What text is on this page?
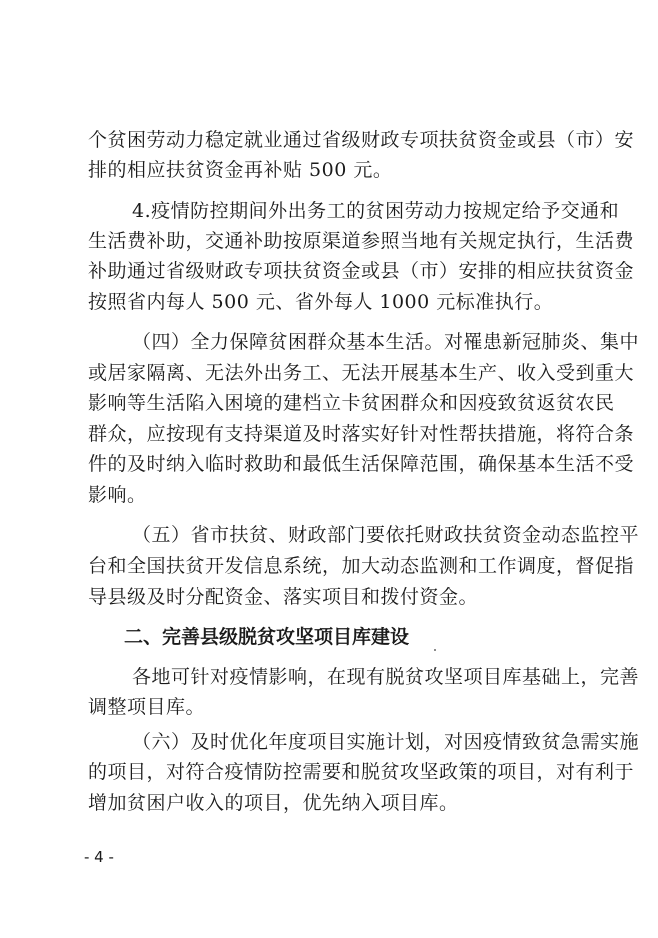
个贫困劳动力稳定就业通过省级财政专项扶贫资金或县（市）安
排的相应扶贫资金再补贴 500 元。
4.疫情防控期间外出务工的贫困劳动力按规定给予交通和
生活费补助，交通补助按原渠道参照当地有关规定执行，生活费
补助通过省级财政专项扶贫资金或县（市）安排的相应扶贫资金
按照省内每人 500 元、省外每人 1000 元标准执行。
（四）全力保障贫困群众基本生活。对罹患新冠肺炎、集中
或居家隔离、无法外出务工、无法开展基本生产、收入受到重大
影响等生活陷入困境的建档立卡贫困群众和因疫致贫返贫农民
群众，应按现有支持渠道及时落实好针对性帮扶措施，将符合条
件的及时纳入临时救助和最低生活保障范围，确保基本生活不受
影响。
（五）省市扶贫、财政部门要依托财政扶贫资金动态监控平
台和全国扶贫开发信息系统，加大动态监测和工作调度，督促指
导县级及时分配资金、落实项目和拨付资金。
二、完善县级脱贫攻坚项目库建设
各地可针对疫情影响，在现有脱贫攻坚项目库基础上，完善
调整项目库。
（六）及时优化年度项目实施计划，对因疫情致贫急需实施
的项目，对符合疫情防控需要和脱贫攻坚政策的项目，对有利于
增加贫困户收入的项目，优先纳入项目库。
- 4 -
